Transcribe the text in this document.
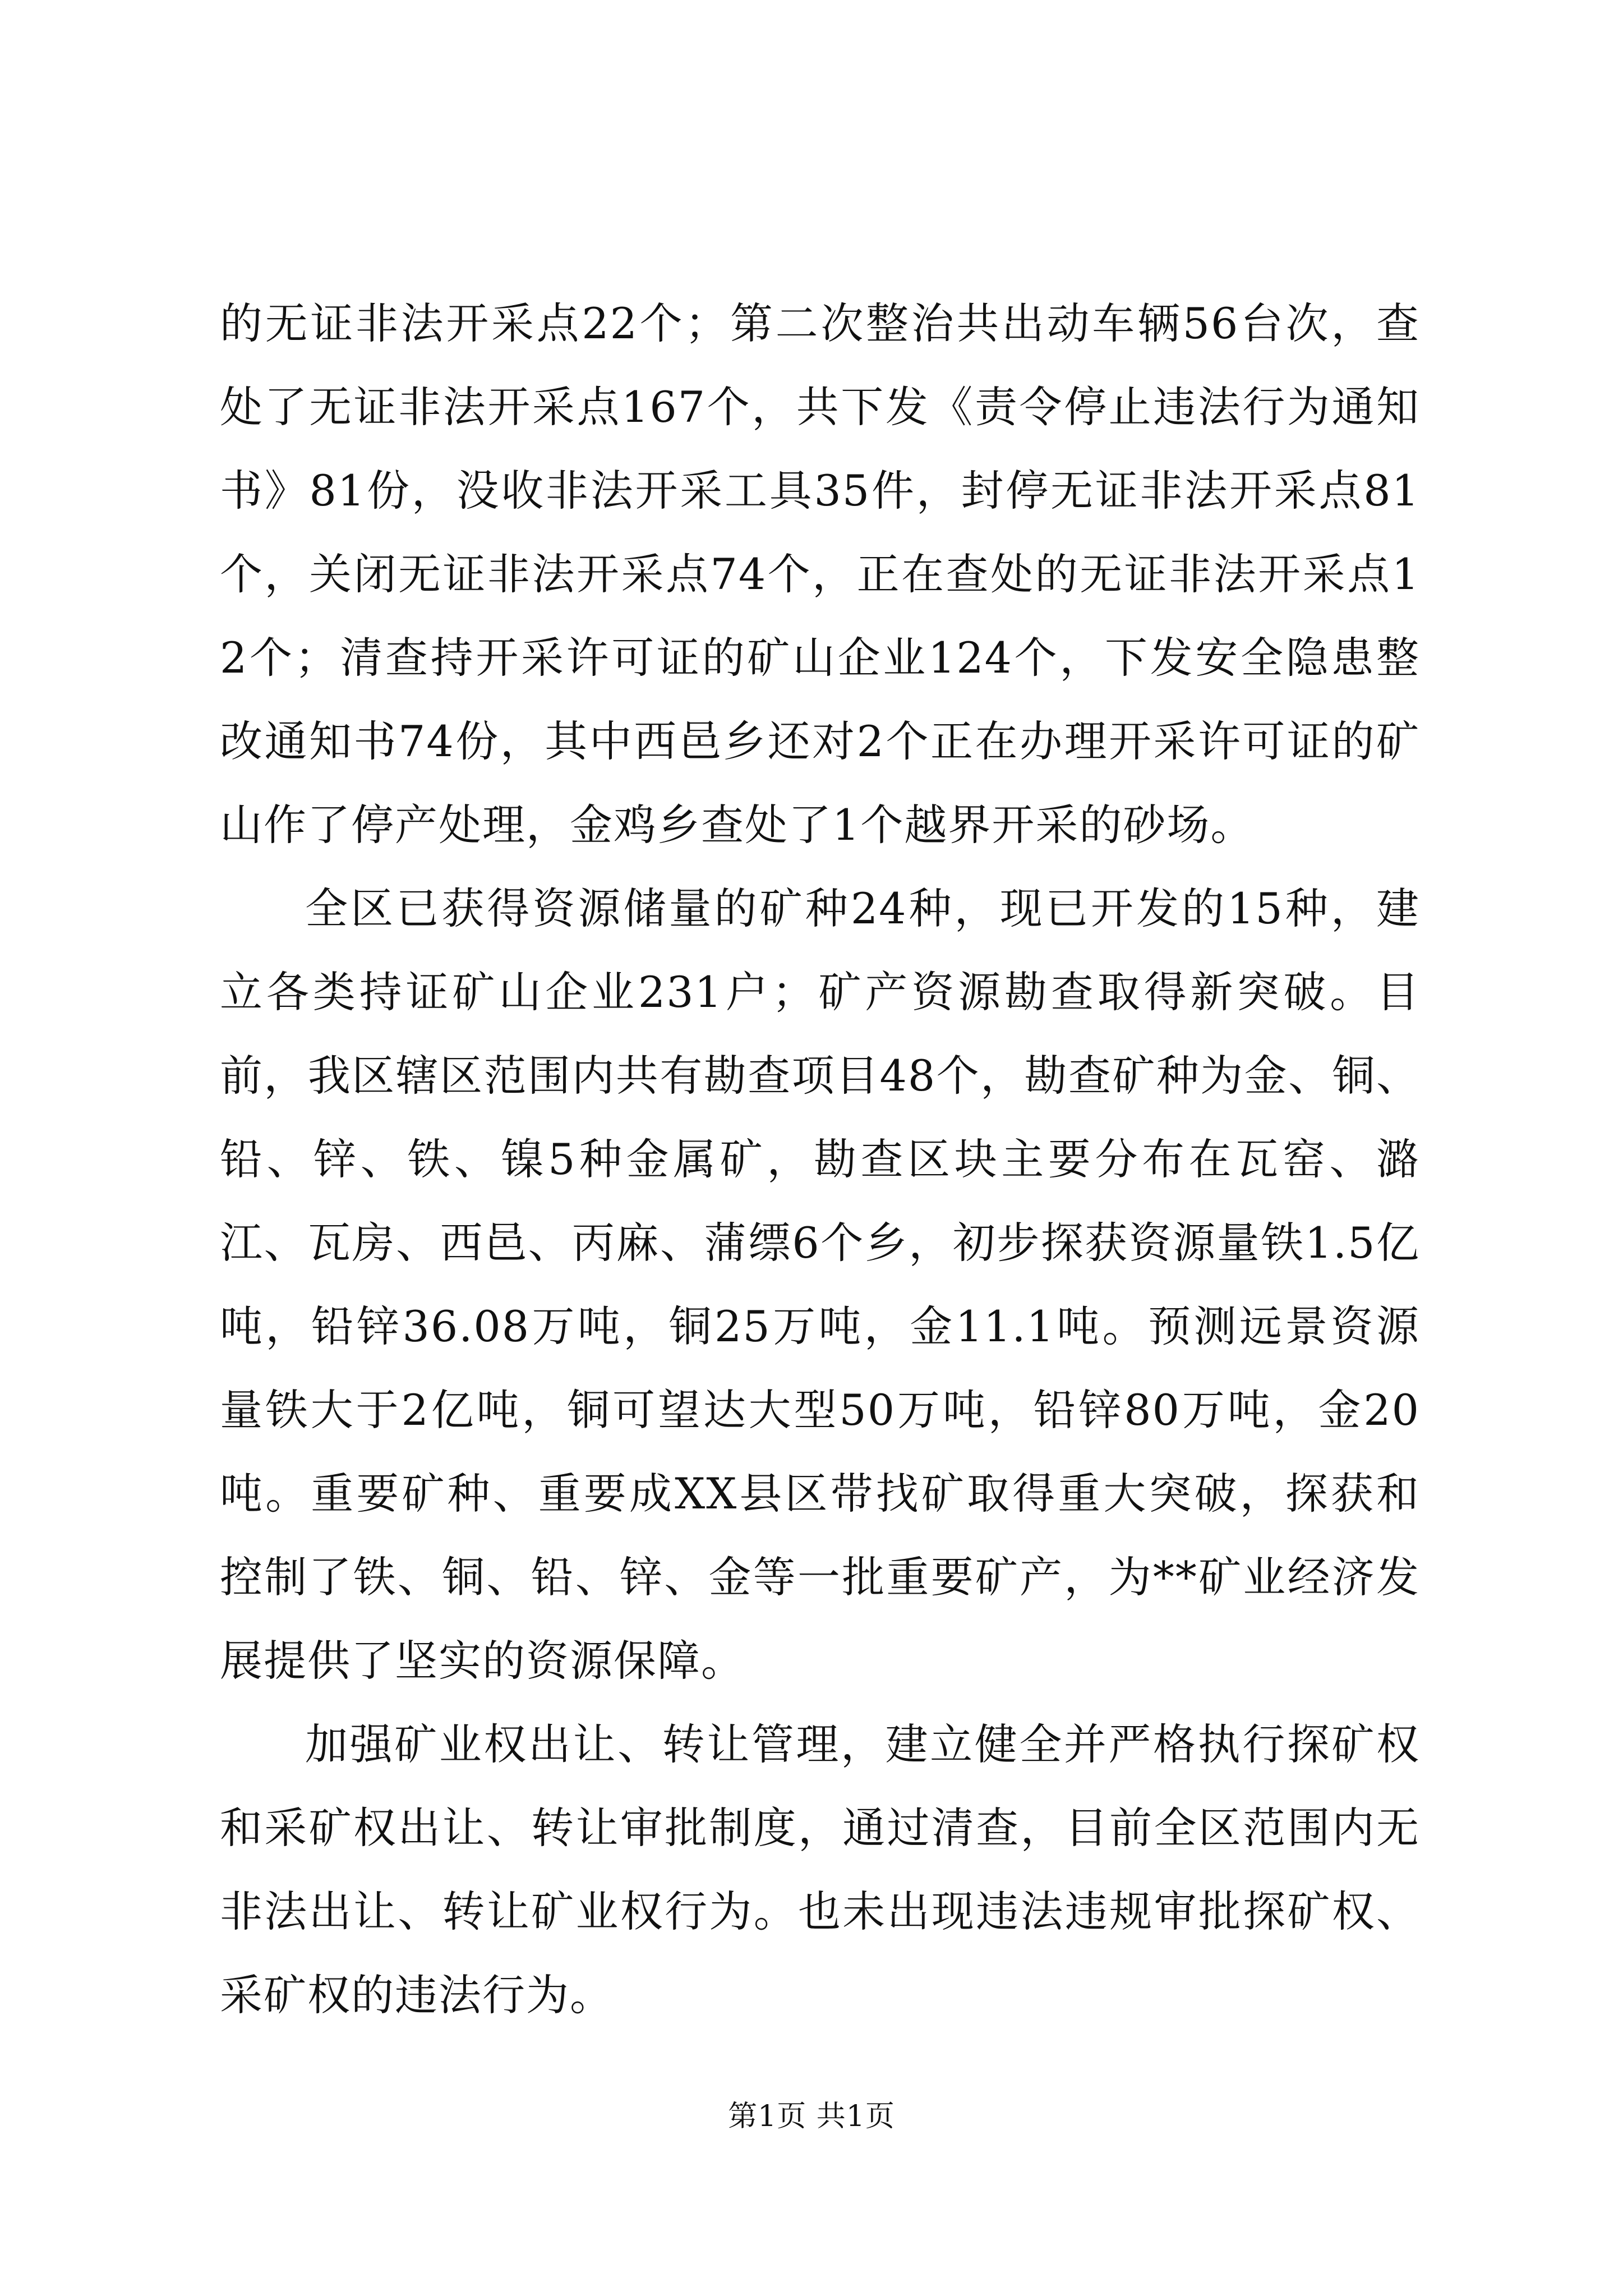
的无证非法开采点22个；第二次整治共出动车辆56台次，查处了无证非法开采点167个，共下发《责令停止违法行为通知书》81份，没收非法开采工具35件，封停无证非法开采点81个，关闭无证非法开采点74个，正在查处的无证非法开采点12个；清查持开采许可证的矿山企业124个，下发安全隐患整改通知书74份，其中西邑乡还对2个正在办理开采许可证的矿山作了停产处理，金鸡乡查处了1个越界开采的砂场。

全区已获得资源储量的矿种24种，现已开发的15种，建立各类持证矿山企业231户；矿产资源勘查取得新突破。目前，我区辖区范围内共有勘查项目48个，勘查矿种为金、铜、铅、锌、铁、镍5种金属矿，勘查区块主要分布在瓦窑、潞江、瓦房、西邑、丙麻、蒲缥6个乡，初步探获资源量铁1.5亿吨，铅锌36.08万吨，铜25万吨，金11.1吨。预测远景资源量铁大于2亿吨，铜可望达大型50万吨，铅锌80万吨，金20吨。重要矿种、重要成XX县区带找矿取得重大突破，探获和控制了铁、铜、铅、锌、金等一批重要矿产，为**矿业经济发展提供了坚实的资源保障。

加强矿业权出让、转让管理，建立健全并严格执行探矿权和采矿权出让、转让审批制度，通过清查，目前全区范围内无非法出让、转让矿业权行为。也未出现违法违规审批探矿权、采矿权的违法行为。

第1页 共1页
